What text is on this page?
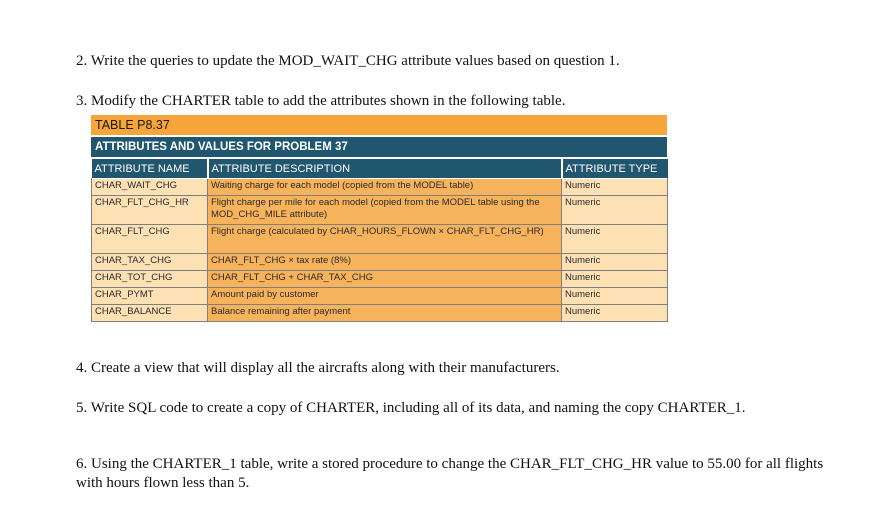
2. Write the queries to update the MOD_WAIT_CHG attribute values based on question 1.

3. Modify the CHARTER table to add the attributes shown in the following table.

TABLE P8.37
ATTRIBUTES AND VALUES FOR PROBLEM 37
ATTRIBUTE NAME	ATTRIBUTE DESCRIPTION	ATTRIBUTE TYPE
CHAR_WAIT_CHG	Waiting charge for each model (copied from the MODEL table)	Numeric
CHAR_FLT_CHG_HR	Flight charge per mile for each model (copied from the MODEL table using the MOD_CHG_MILE attribute)	Numeric
CHAR_FLT_CHG	Flight charge (calculated by CHAR_HOURS_FLOWN × CHAR_FLT_CHG_HR)	Numeric
CHAR_TAX_CHG	CHAR_FLT_CHG × tax rate (8%)	Numeric
CHAR_TOT_CHG	CHAR_FLT_CHG + CHAR_TAX_CHG	Numeric
CHAR_PYMT	Amount paid by customer	Numeric
CHAR_BALANCE	Balance remaining after payment	Numeric

4. Create a view that will display all the aircrafts along with their manufacturers.

5. Write SQL code to create a copy of CHARTER, including all of its data, and naming the copy CHARTER_1.

6. Using the CHARTER_1 table, write a stored procedure to change the CHAR_FLT_CHG_HR value to 55.00 for all flights with hours flown less than 5.
